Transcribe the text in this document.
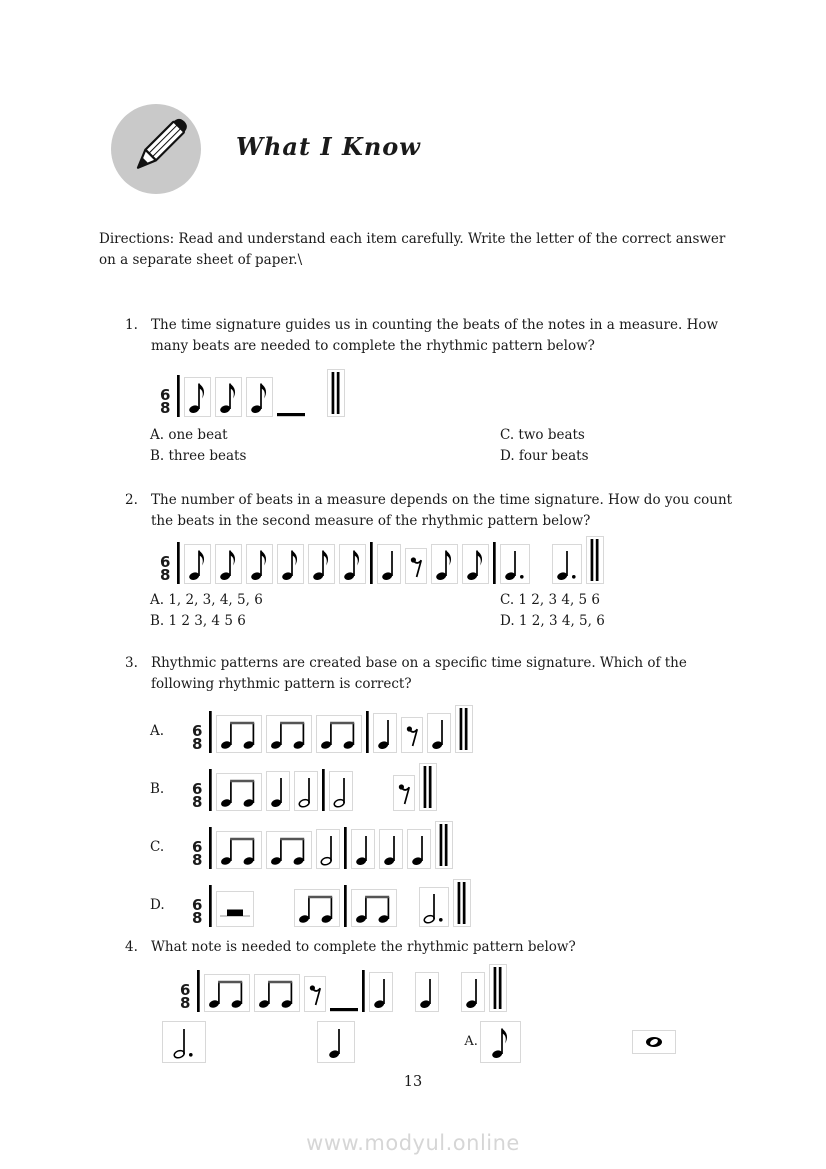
What I Know

Directions: Read and understand each item carefully. Write the letter of the correct answer on a separate sheet of paper.\

1. The time signature guides us in counting the beats of the notes in a measure. How many beats are needed to complete the rhythmic pattern below?
6
8
A. one beat
B. three beats
C. two beats
D. four beats
2. The number of beats in a measure depends on the time signature. How do you count the beats in the second measure of the rhythmic pattern below?
6
8
A. 1, 2, 3, 4, 5, 6
B. 1 2 3, 4 5 6
C. 1 2, 3 4, 5 6
D. 1 2, 3 4, 5, 6
3. Rhythmic patterns are created base on a specific time signature. Which of the following rhythmic pattern is correct?
A.	6
8
B.	6
8
C.	6
8
D.	6
8
4. What note is needed to complete the rhythmic pattern below?
6
8
A.
13
www.modyul.online
